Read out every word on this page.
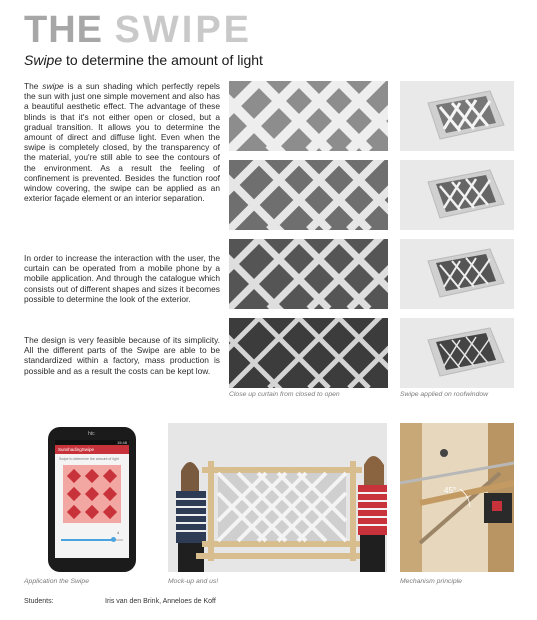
THE SWIPE
Swipe to determine the amount of light
The swipe is a sun shading which perfectly repels the sun with just one simple movement and also has a beautiful aesthetic effect. The advantage of these blinds is that it's not either open or closed, but a gradual transition. It allows you to determine the amount of direct and diffuse light. Even when the swipe is completely closed, by the transparency of the material, you're still able to see the contours of the environment. As a result the feeling of confinement is prevented. Besides the function roof window covering, the swipe can be applied as an exterior façade element or an interior separation.
In order to increase the interaction with the user, the curtain can be operated from a mobile phone by a mobile application. And through the catalogue which consists out of different shapes and sizes it becomes possible to determine the look of the exterior.
The design is very feasible because of its simplicity. All the different parts of the Swipe are able to be standardized within a factory, mass production is possible and as a result the costs can be kept low.
Close up curtain from closed to open	Swipe applied on roofwindow
htc
15:48
SunshadingSwipe
Swipe to determine the amount of light
4
Application the Swipe	Mock-up and us!
45°
Mechanism principle
Students:	Iris van den Brink, Anneloes de Koff
